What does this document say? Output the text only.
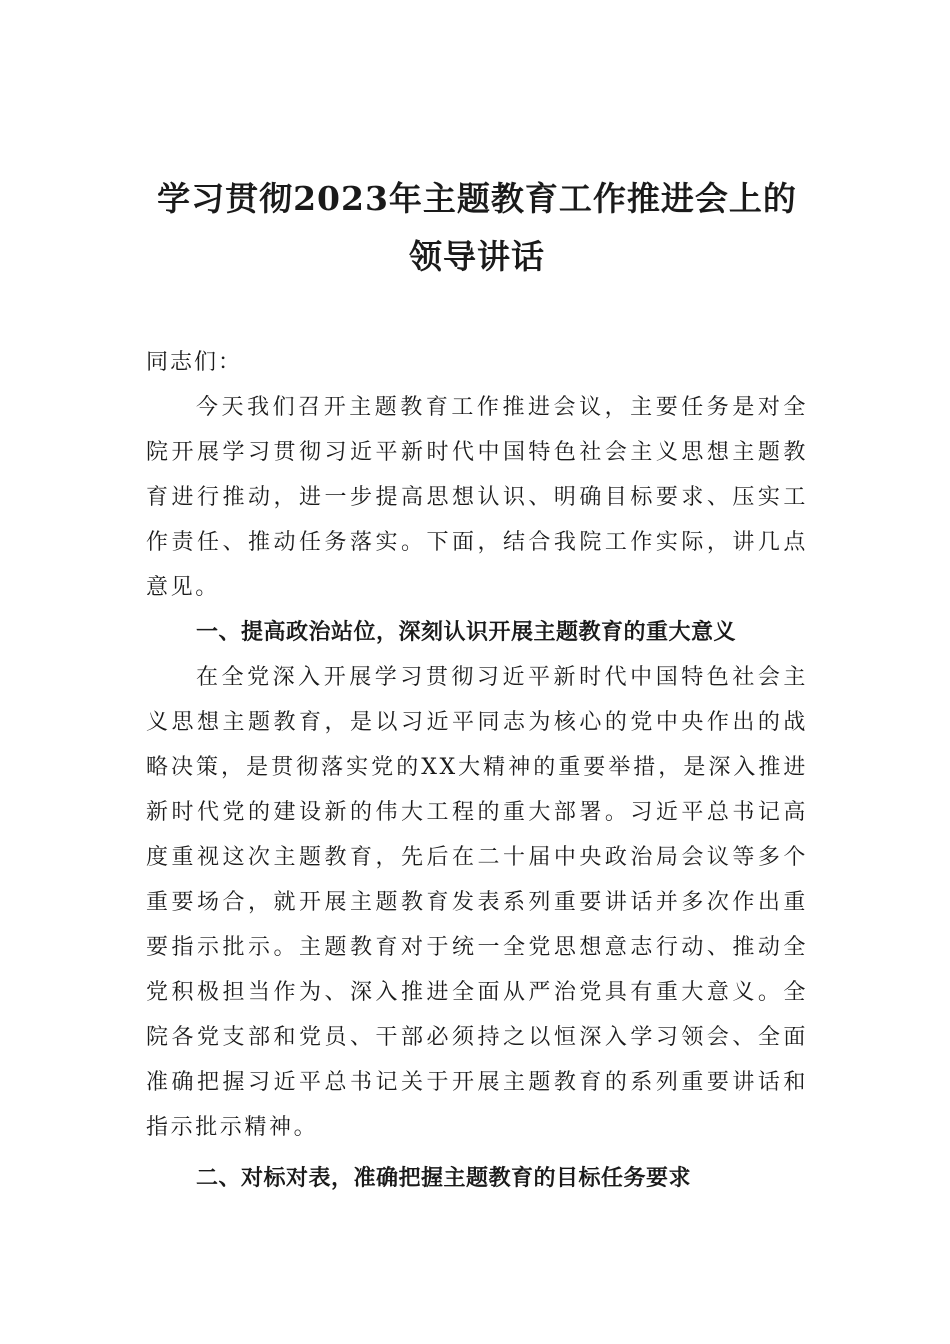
学习贯彻2023年主题教育工作推进会上的
领导讲话
同志们：

今天我们召开主题教育工作推进会议，主要任务是对全院开展学习贯彻习近平新时代中国特色社会主义思想主题教育进行推动，进一步提高思想认识、明确目标要求、压实工作责任、推动任务落实。下面，结合我院工作实际，讲几点意见。

一、提高政治站位，深刻认识开展主题教育的重大意义

在全党深入开展学习贯彻习近平新时代中国特色社会主义思想主题教育，是以习近平同志为核心的党中央作出的战略决策，是贯彻落实党的XX大精神的重要举措，是深入推进新时代党的建设新的伟大工程的重大部署。习近平总书记高度重视这次主题教育，先后在二十届中央政治局会议等多个重要场合，就开展主题教育发表系列重要讲话并多次作出重要指示批示。主题教育对于统一全党思想意志行动、推动全党积极担当作为、深入推进全面从严治党具有重大意义。全院各党支部和党员、干部必须持之以恒深入学习领会、全面准确把握习近平总书记关于开展主题教育的系列重要讲话和指示批示精神。

二、对标对表，准确把握主题教育的目标任务要求
